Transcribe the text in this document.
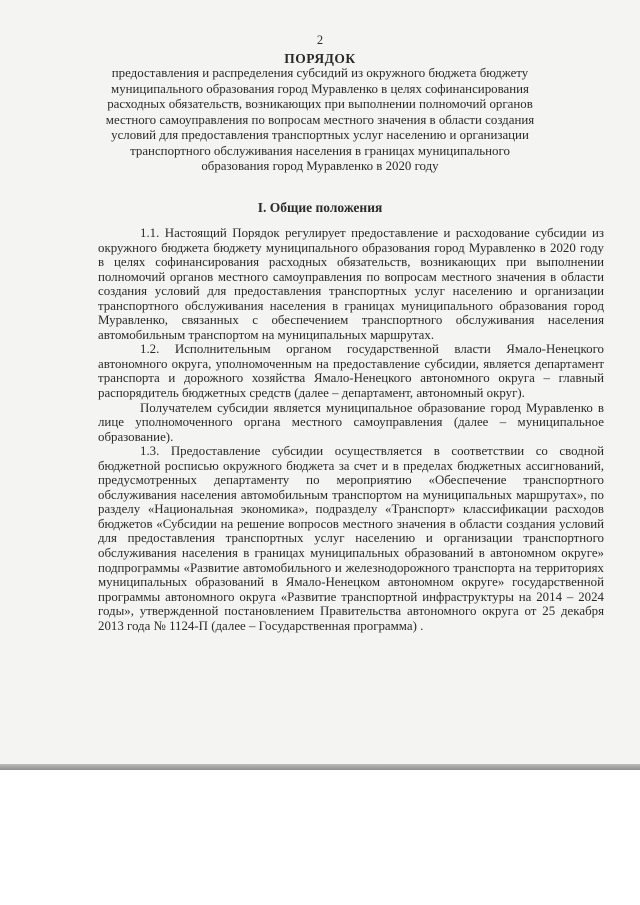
2
ПОРЯДОК
предоставления и распределения субсидий из окружного бюджета бюджету муниципального образования город Муравленко в целях софинансирования расходных обязательств, возникающих при выполнении полномочий органов местного самоуправления по вопросам местного значения в области создания условий для предоставления транспортных услуг населению и организации транспортного обслуживания населения в границах муниципального образования город Муравленко в 2020 году
I. Общие положения

1.1. Настоящий Порядок регулирует предоставление и расходование субсидии из окружного бюджета бюджету муниципального образования город Муравленко в 2020 году в целях софинансирования расходных обязательств, возникающих при выполнении полномочий органов местного самоуправления по вопросам местного значения в области создания условий для предоставления транспортных услуг населению и организации транспортного обслуживания населения в границах муниципального образования город Муравленко, связанных с обеспечением транспортного обслуживания населения автомобильным транспортом на муниципальных маршрутах.

1.2. Исполнительным органом государственной власти Ямало-Ненецкого автономного округа, уполномоченным на предоставление субсидии, является департамент транспорта и дорожного хозяйства Ямало-Ненецкого автономного округа – главный распорядитель бюджетных средств (далее – департамент, автономный округ).

Получателем субсидии является муниципальное образование город Муравленко в лице уполномоченного органа местного самоуправления (далее – муниципальное образование).

1.3. Предоставление субсидии осуществляется в соответствии со сводной бюджетной росписью окружного бюджета за счет и в пределах бюджетных ассигнований, предусмотренных департаменту по мероприятию «Обеспечение транспортного обслуживания населения автомобильным транспортом на муниципальных маршрутах», по разделу «Национальная экономика», подразделу «Транспорт» классификации расходов бюджетов «Субсидии на решение вопросов местного значения в области создания условий для предоставления транспортных услуг населению и организации транспортного обслуживания населения в границах муниципальных образований в автономном округе» подпрограммы «Развитие автомобильного и железнодорожного транспорта на территориях муниципальных образований в Ямало-Ненецком автономном округе» государственной программы автономного округа «Развитие транспортной инфраструктуры на 2014 – 2024 годы», утвержденной постановлением Правительства автономного округа от 25 декабря 2013 года № 1124-П (далее – Государственная программа) .
